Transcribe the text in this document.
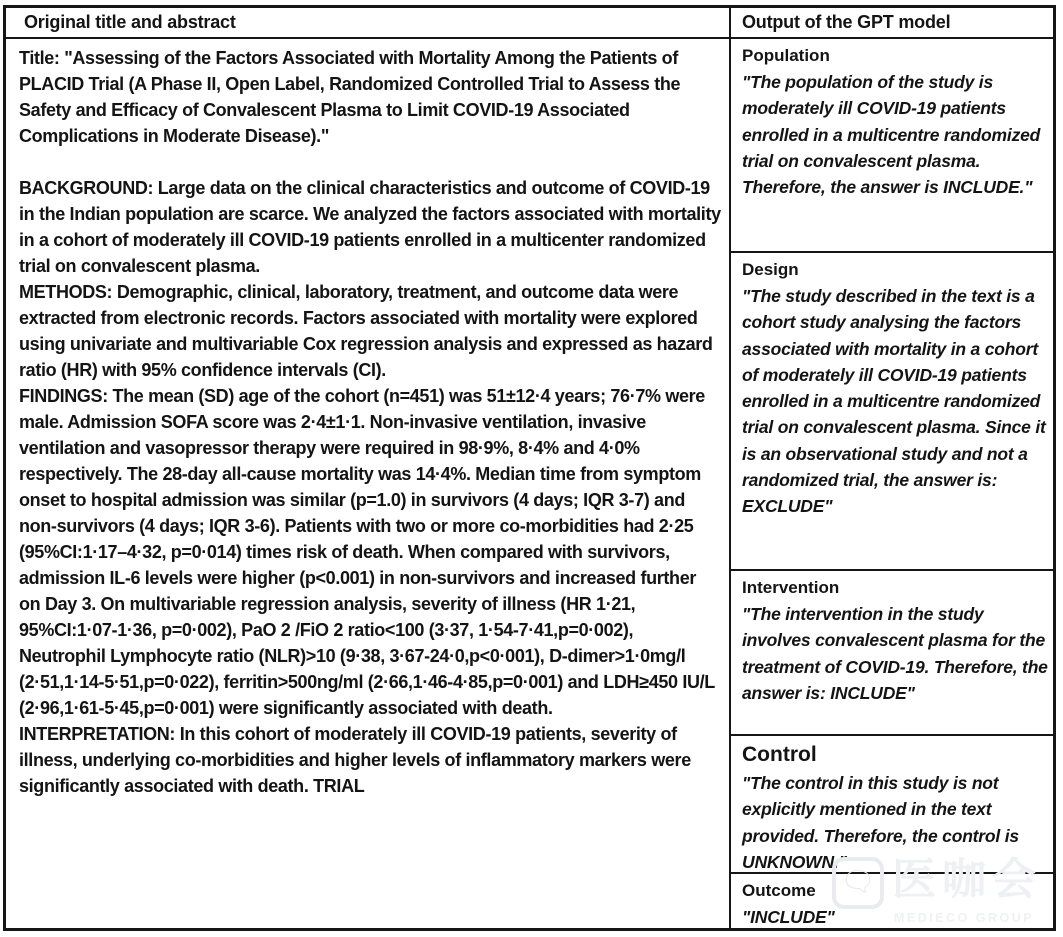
Original title and abstract
Title: "Assessing of the Factors Associated with Mortality Among the Patients of PLACID Trial (A Phase II, Open Label, Randomized Controlled Trial to Assess the Safety and Efficacy of Convalescent Plasma to Limit COVID-19 Associated Complications in Moderate Disease)."
BACKGROUND: Large data on the clinical characteristics and outcome of COVID-19 in the Indian population are scarce. We analyzed the factors associated with mortality in a cohort of moderately ill COVID-19 patients enrolled in a multicenter randomized trial on convalescent plasma.
METHODS: Demographic, clinical, laboratory, treatment, and outcome data were extracted from electronic records. Factors associated with mortality were explored using univariate and multivariable Cox regression analysis and expressed as hazard ratio (HR) with 95% confidence intervals (CI).
FINDINGS: The mean (SD) age of the cohort (n=451) was 51±12·4 years; 76·7% were male. Admission SOFA score was 2·4±1·1. Non-invasive ventilation, invasive ventilation and vasopressor therapy were required in 98·9%, 8·4% and 4·0% respectively. The 28-day all-cause mortality was 14·4%. Median time from symptom onset to hospital admission was similar (p=1.0) in survivors (4 days; IQR 3-7) and non-survivors (4 days; IQR 3-6). Patients with two or more co-morbidities had 2·25 (95%CI:1·17–4·32, p=0·014) times risk of death. When compared with survivors, admission IL-6 levels were higher (p<0.001) in non-survivors and increased further on Day 3. On multivariable regression analysis, severity of illness (HR 1·21, 95%CI:1·07-1·36, p=0·002), PaO 2 /FiO 2 ratio<100 (3·37, 1·54-7·41,p=0·002), Neutrophil Lymphocyte ratio (NLR)>10 (9·38, 3·67-24·0,p<0·001), D-dimer>1·0mg/l (2·51,1·14-5·51,p=0·022), ferritin>500ng/ml (2·66,1·46-4·85,p=0·001) and LDH≥450 IU/L (2·96,1·61-5·45,p=0·001) were significantly associated with death.
INTERPRETATION: In this cohort of moderately ill COVID-19 patients, severity of illness, underlying co-morbidities and higher levels of inflammatory markers were significantly associated with death. TRIAL
Output of the GPT model
Population
"The population of the study is moderately ill COVID-19 patients enrolled in a multicentre randomized trial on convalescent plasma. Therefore, the answer is INCLUDE."
Design
"The study described in the text is a cohort study analysing the factors associated with mortality in a cohort of moderately ill COVID-19 patients enrolled in a multicentre randomized trial on convalescent plasma. Since it is an observational study and not a randomized trial, the answer is: EXCLUDE"
Intervention
"The intervention in the study involves convalescent plasma for the treatment of COVID-19. Therefore, the answer is: INCLUDE"
Control
"The control in this study is not explicitly mentioned in the text provided. Therefore, the control is UNKNOWN."
Outcome
"INCLUDE"
🗨 医咖会
MEDIECO GROUP
